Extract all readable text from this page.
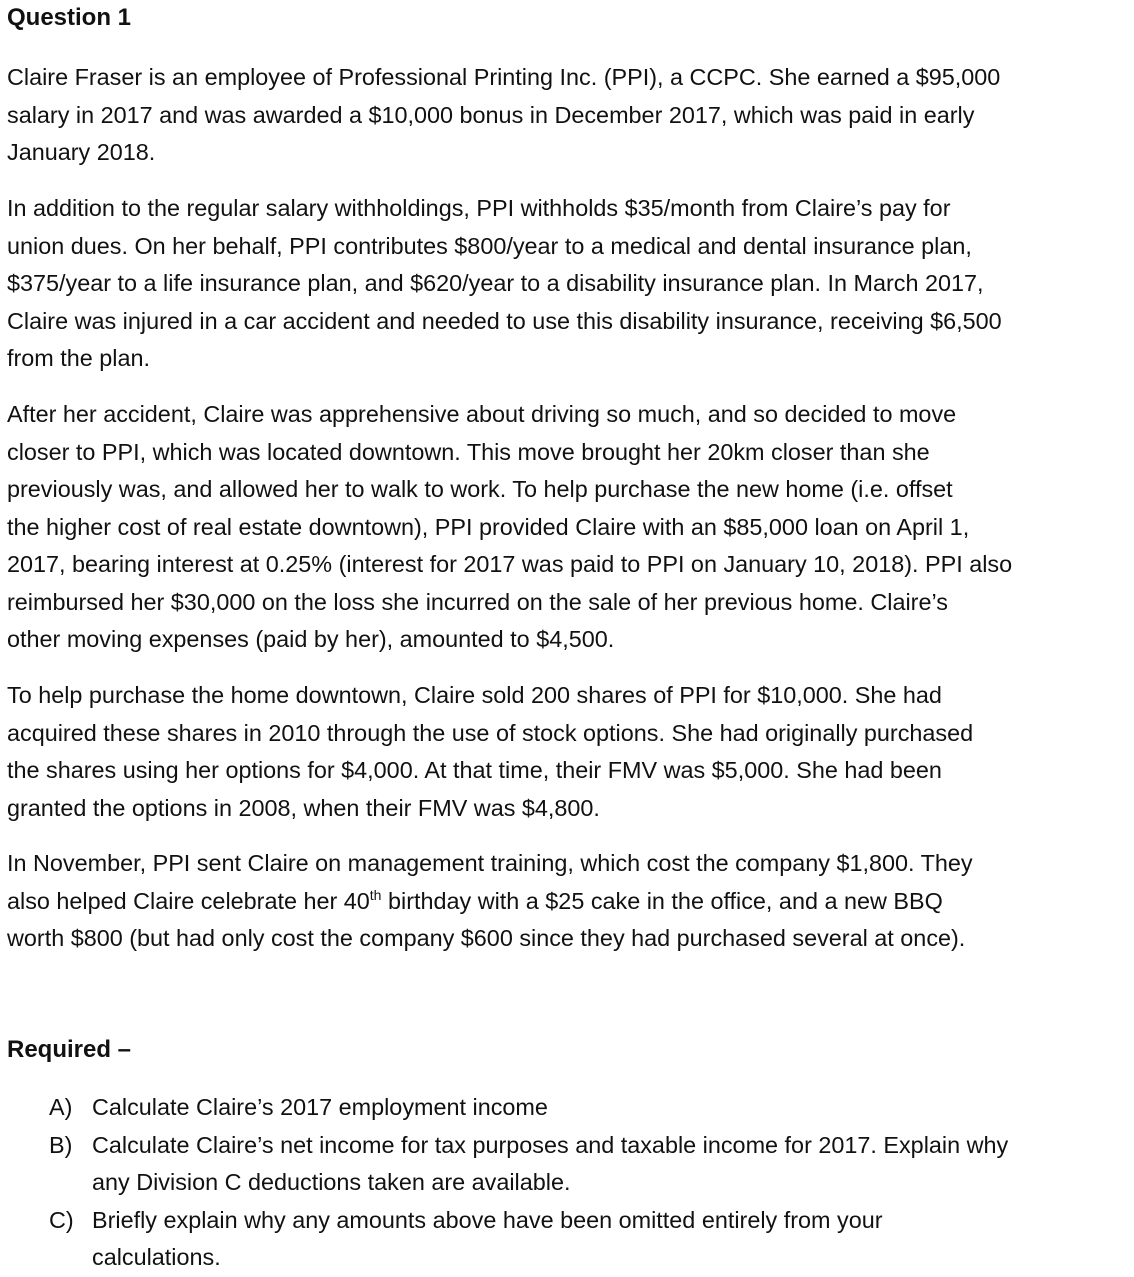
Question 1
Claire Fraser is an employee of Professional Printing Inc. (PPI), a CCPC. She earned a $95,000
salary in 2017 and was awarded a $10,000 bonus in December 2017, which was paid in early
January 2018.
In addition to the regular salary withholdings, PPI withholds $35/month from Claire’s pay for
union dues. On her behalf, PPI contributes $800/year to a medical and dental insurance plan,
$375/year to a life insurance plan, and $620/year to a disability insurance plan. In March 2017,
Claire was injured in a car accident and needed to use this disability insurance, receiving $6,500
from the plan.
After her accident, Claire was apprehensive about driving so much, and so decided to move
closer to PPI, which was located downtown. This move brought her 20km closer than she
previously was, and allowed her to walk to work. To help purchase the new home (i.e. offset
the higher cost of real estate downtown), PPI provided Claire with an $85,000 loan on April 1,
2017, bearing interest at 0.25% (interest for 2017 was paid to PPI on January 10, 2018). PPI also
reimbursed her $30,000 on the loss she incurred on the sale of her previous home. Claire’s
other moving expenses (paid by her), amounted to $4,500.
To help purchase the home downtown, Claire sold 200 shares of PPI for $10,000. She had
acquired these shares in 2010 through the use of stock options. She had originally purchased
the shares using her options for $4,000. At that time, their FMV was $5,000. She had been
granted the options in 2008, when their FMV was $4,800.
In November, PPI sent Claire on management training, which cost the company $1,800. They
also helped Claire celebrate her 40th birthday with a $25 cake in the office, and a new BBQ
worth $800 (but had only cost the company $600 since they had purchased several at once).
Required –
A) Calculate Claire’s 2017 employment income
B) Calculate Claire’s net income for tax purposes and taxable income for 2017. Explain why
any Division C deductions taken are available.
C) Briefly explain why any amounts above have been omitted entirely from your
calculations.
